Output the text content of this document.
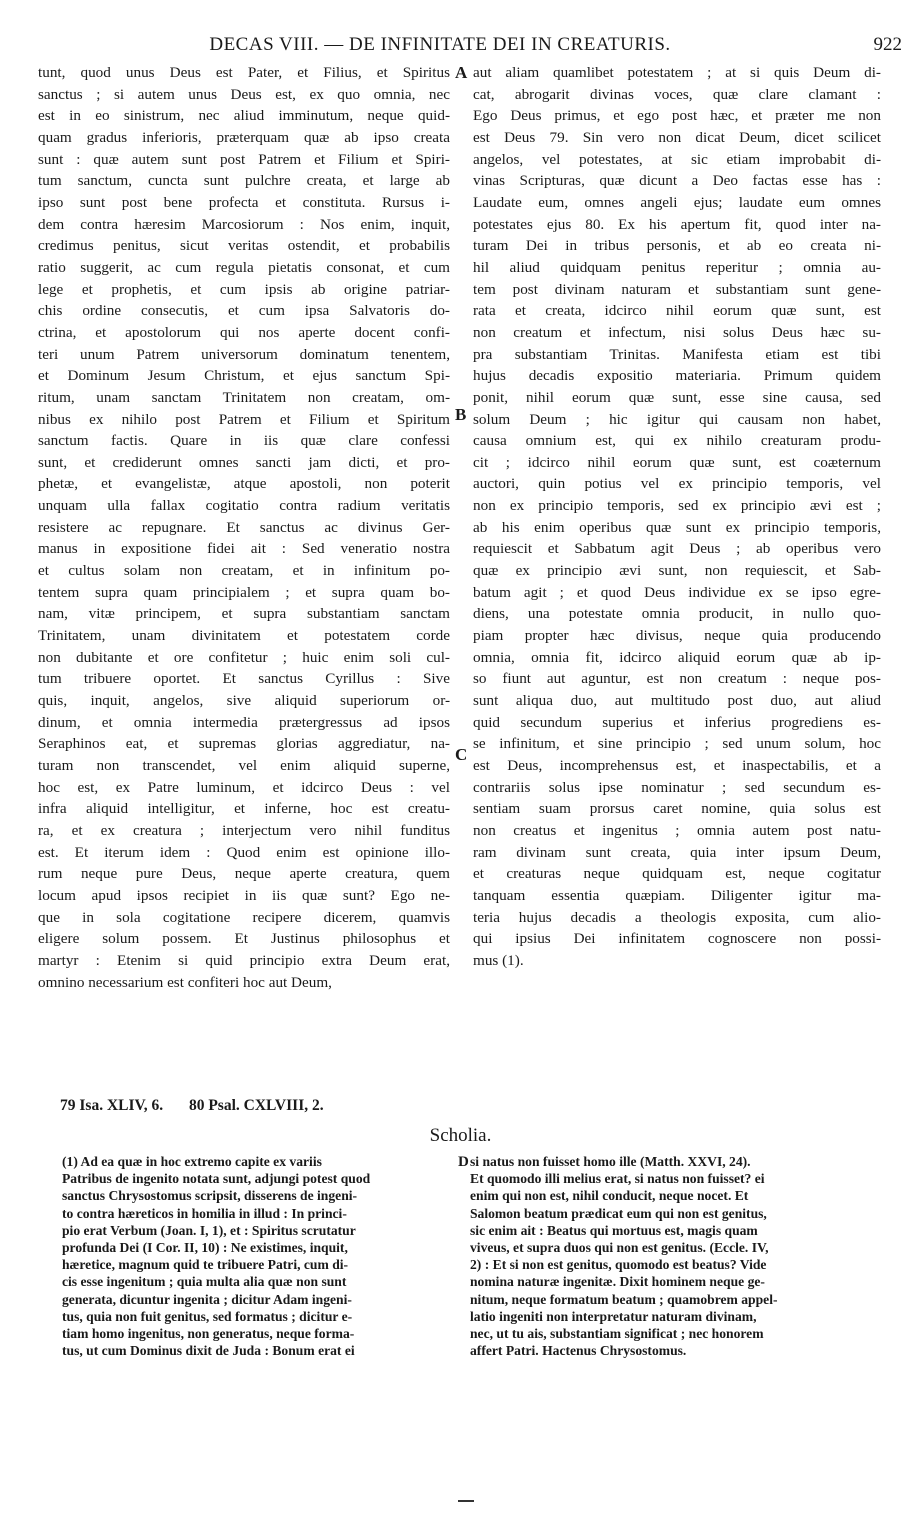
DECAS VIII. — DE INFINITATE DEI IN CREATURIS.	922
tunt, quod unus Deus est Pater, et Filius, et Spiritus
sanctus ; si autem unus Deus est, ex quo omnia, nec
est in eo sinistrum, nec aliud imminutum, neque quid-
quam gradus inferioris, præterquam quæ ab ipso creata
sunt : quæ autem sunt post Patrem et Filium et Spiri-
tum sanctum, cuncta sunt pulchre creata, et large ab
ipso sunt post bene profecta et constituta. Rursus i-
dem contra hæresim Marcosiorum : Nos enim, inquit,
credimus penitus, sicut veritas ostendit, et probabilis
ratio suggerit, ac cum regula pietatis consonat, et cum
lege et prophetis, et cum ipsis ab origine patriar-
chis ordine consecutis, et cum ipsa Salvatoris do-
ctrina, et apostolorum qui nos aperte docent confi-
teri unum Patrem universorum dominatum tenentem,
et Dominum Jesum Christum, et ejus sanctum Spi-
ritum, unam sanctam Trinitatem non creatam, om-
nibus ex nihilo post Patrem et Filium et Spiritum
sanctum factis. Quare in iis quæ clare confessi
sunt, et crediderunt omnes sancti jam dicti, et pro-
phetæ, et evangelistæ, atque apostoli, non poterit
unquam ulla fallax cogitatio contra radium veritatis
resistere ac repugnare. Et sanctus ac divinus Ger-
manus in expositione fidei ait : Sed veneratio nostra
et cultus solam non creatam, et in infinitum po-
tentem supra quam principialem ; et supra quam bo-
nam, vitæ principem, et supra substantiam sanctam
Trinitatem, unam divinitatem et potestatem corde
non dubitante et ore confitetur ; huic enim soli cul-
tum tribuere oportet. Et sanctus Cyrillus : Sive
quis, inquit, angelos, sive aliquid superiorum or-
dinum, et omnia intermedia prætergressus ad ipsos
Seraphinos eat, et supremas glorias aggrediatur, na-
turam non transcendet, vel enim aliquid superne,
hoc est, ex Patre luminum, et idcirco Deus : vel
infra aliquid intelligitur, et inferne, hoc est creatu-
ra, et ex creatura ; interjectum vero nihil funditus
est. Et iterum idem : Quod enim est opinione illo-
rum neque pure Deus, neque aperte creatura, quem
locum apud ipsos recipiet in iis quæ sunt? Ego ne-
que in sola cogitatione recipere dicerem, quamvis
eligere solum possem. Et Justinus philosophus et
martyr : Etenim si quid principio extra Deum erat,
omnino necessarium est confiteri hoc aut Deum,
aut aliam quamlibet potestatem ; at si quis Deum di-
cat, abrogarit divinas voces, quæ clare clamant :
Ego Deus primus, et ego post hæc, et præter me non
est Deus 79. Sin vero non dicat Deum, dicet scilicet
angelos, vel potestates, at sic etiam improbabit di-
vinas Scripturas, quæ dicunt a Deo factas esse has :
Laudate eum, omnes angeli ejus; laudate eum omnes
potestates ejus 80. Ex his apertum fit, quod inter na-
turam Dei in tribus personis, et ab eo creata ni-
hil aliud quidquam penitus reperitur ; omnia au-
tem post divinam naturam et substantiam sunt gene-
rata et creata, idcirco nihil eorum quæ sunt, est
non creatum et infectum, nisi solus Deus hæc su-
pra substantiam Trinitas. Manifesta etiam est tibi
hujus decadis expositio materiaria. Primum quidem
ponit, nihil eorum quæ sunt, esse sine causa, sed
solum Deum ; hic igitur qui causam non habet,
causa omnium est, qui ex nihilo creaturam produ-
cit ; idcirco nihil eorum quæ sunt, est coæternum
auctori, quin potius vel ex principio temporis, vel
non ex principio temporis, sed ex principio ævi est ;
ab his enim operibus quæ sunt ex principio temporis,
requiescit et Sabbatum agit Deus ; ab operibus vero
quæ ex principio ævi sunt, non requiescit, et Sab-
batum agit ; et quod Deus individue ex se ipso egre-
diens, una potestate omnia producit, in nullo quo-
piam propter hæc divisus, neque quia producendo
omnia, omnia fit, idcirco aliquid eorum quæ ab ip-
so fiunt aut aguntur, est non creatum : neque pos-
sunt aliqua duo, aut multitudo post duo, aut aliud
quid secundum superius et inferius progrediens es-
se infinitum, et sine principio ; sed unum solum, hoc
est Deus, incomprehensus est, et inaspectabilis, et a
contrariis solus ipse nominatur ; sed secundum es-
sentiam suam prorsus caret nomine, quia solus est
non creatus et ingenitus ; omnia autem post natu-
ram divinam sunt creata, quia inter ipsum Deum,
et creaturas neque quidquam est, neque cogitatur
tanquam essentia quæpiam. Diligenter igitur ma-
teria hujus decadis a theologis exposita, cum alio-
qui ipsius Dei infinitatem cognoscere non possi-
mus (1).
A
B
C
D
79 Isa. XLIV, 6. 80 Psal. CXLVIII, 2.
Scholia.
(1) Ad ea quæ in hoc extremo capite ex variis
Patribus de ingenito notata sunt, adjungi potest quod
sanctus Chrysostomus scripsit, disserens de ingeni-
to contra hæreticos in homilia in illud : In princi-
pio erat Verbum (Joan. I, 1), et : Spiritus scrutatur
profunda Dei (I Cor. II, 10) : Ne existimes, inquit,
hæretice, magnum quid te tribuere Patri, cum di-
cis esse ingenitum ; quia multa alia quæ non sunt
generata, dicuntur ingenita ; dicitur Adam ingeni-
tus, quia non fuit genitus, sed formatus ; dicitur e-
tiam homo ingenitus, non generatus, neque forma-
tus, ut cum Dominus dixit de Juda : Bonum erat ei
si natus non fuisset homo ille (Matth. XXVI, 24).
Et quomodo illi melius erat, si natus non fuisset? ei
enim qui non est, nihil conducit, neque nocet. Et
Salomon beatum prædicat eum qui non est genitus,
sic enim ait : Beatus qui mortuus est, magis quam
viveus, et supra duos qui non est genitus. (Eccle. IV,
2) : Et si non est genitus, quomodo est beatus? Vide
nomina naturæ ingenitæ. Dixit hominem neque ge-
nitum, neque formatum beatum ; quamobrem appel-
latio ingeniti non interpretatur naturam divinam,
nec, ut tu ais, substantiam significat ; nec honorem
affert Patri. Hactenus Chrysostomus.
